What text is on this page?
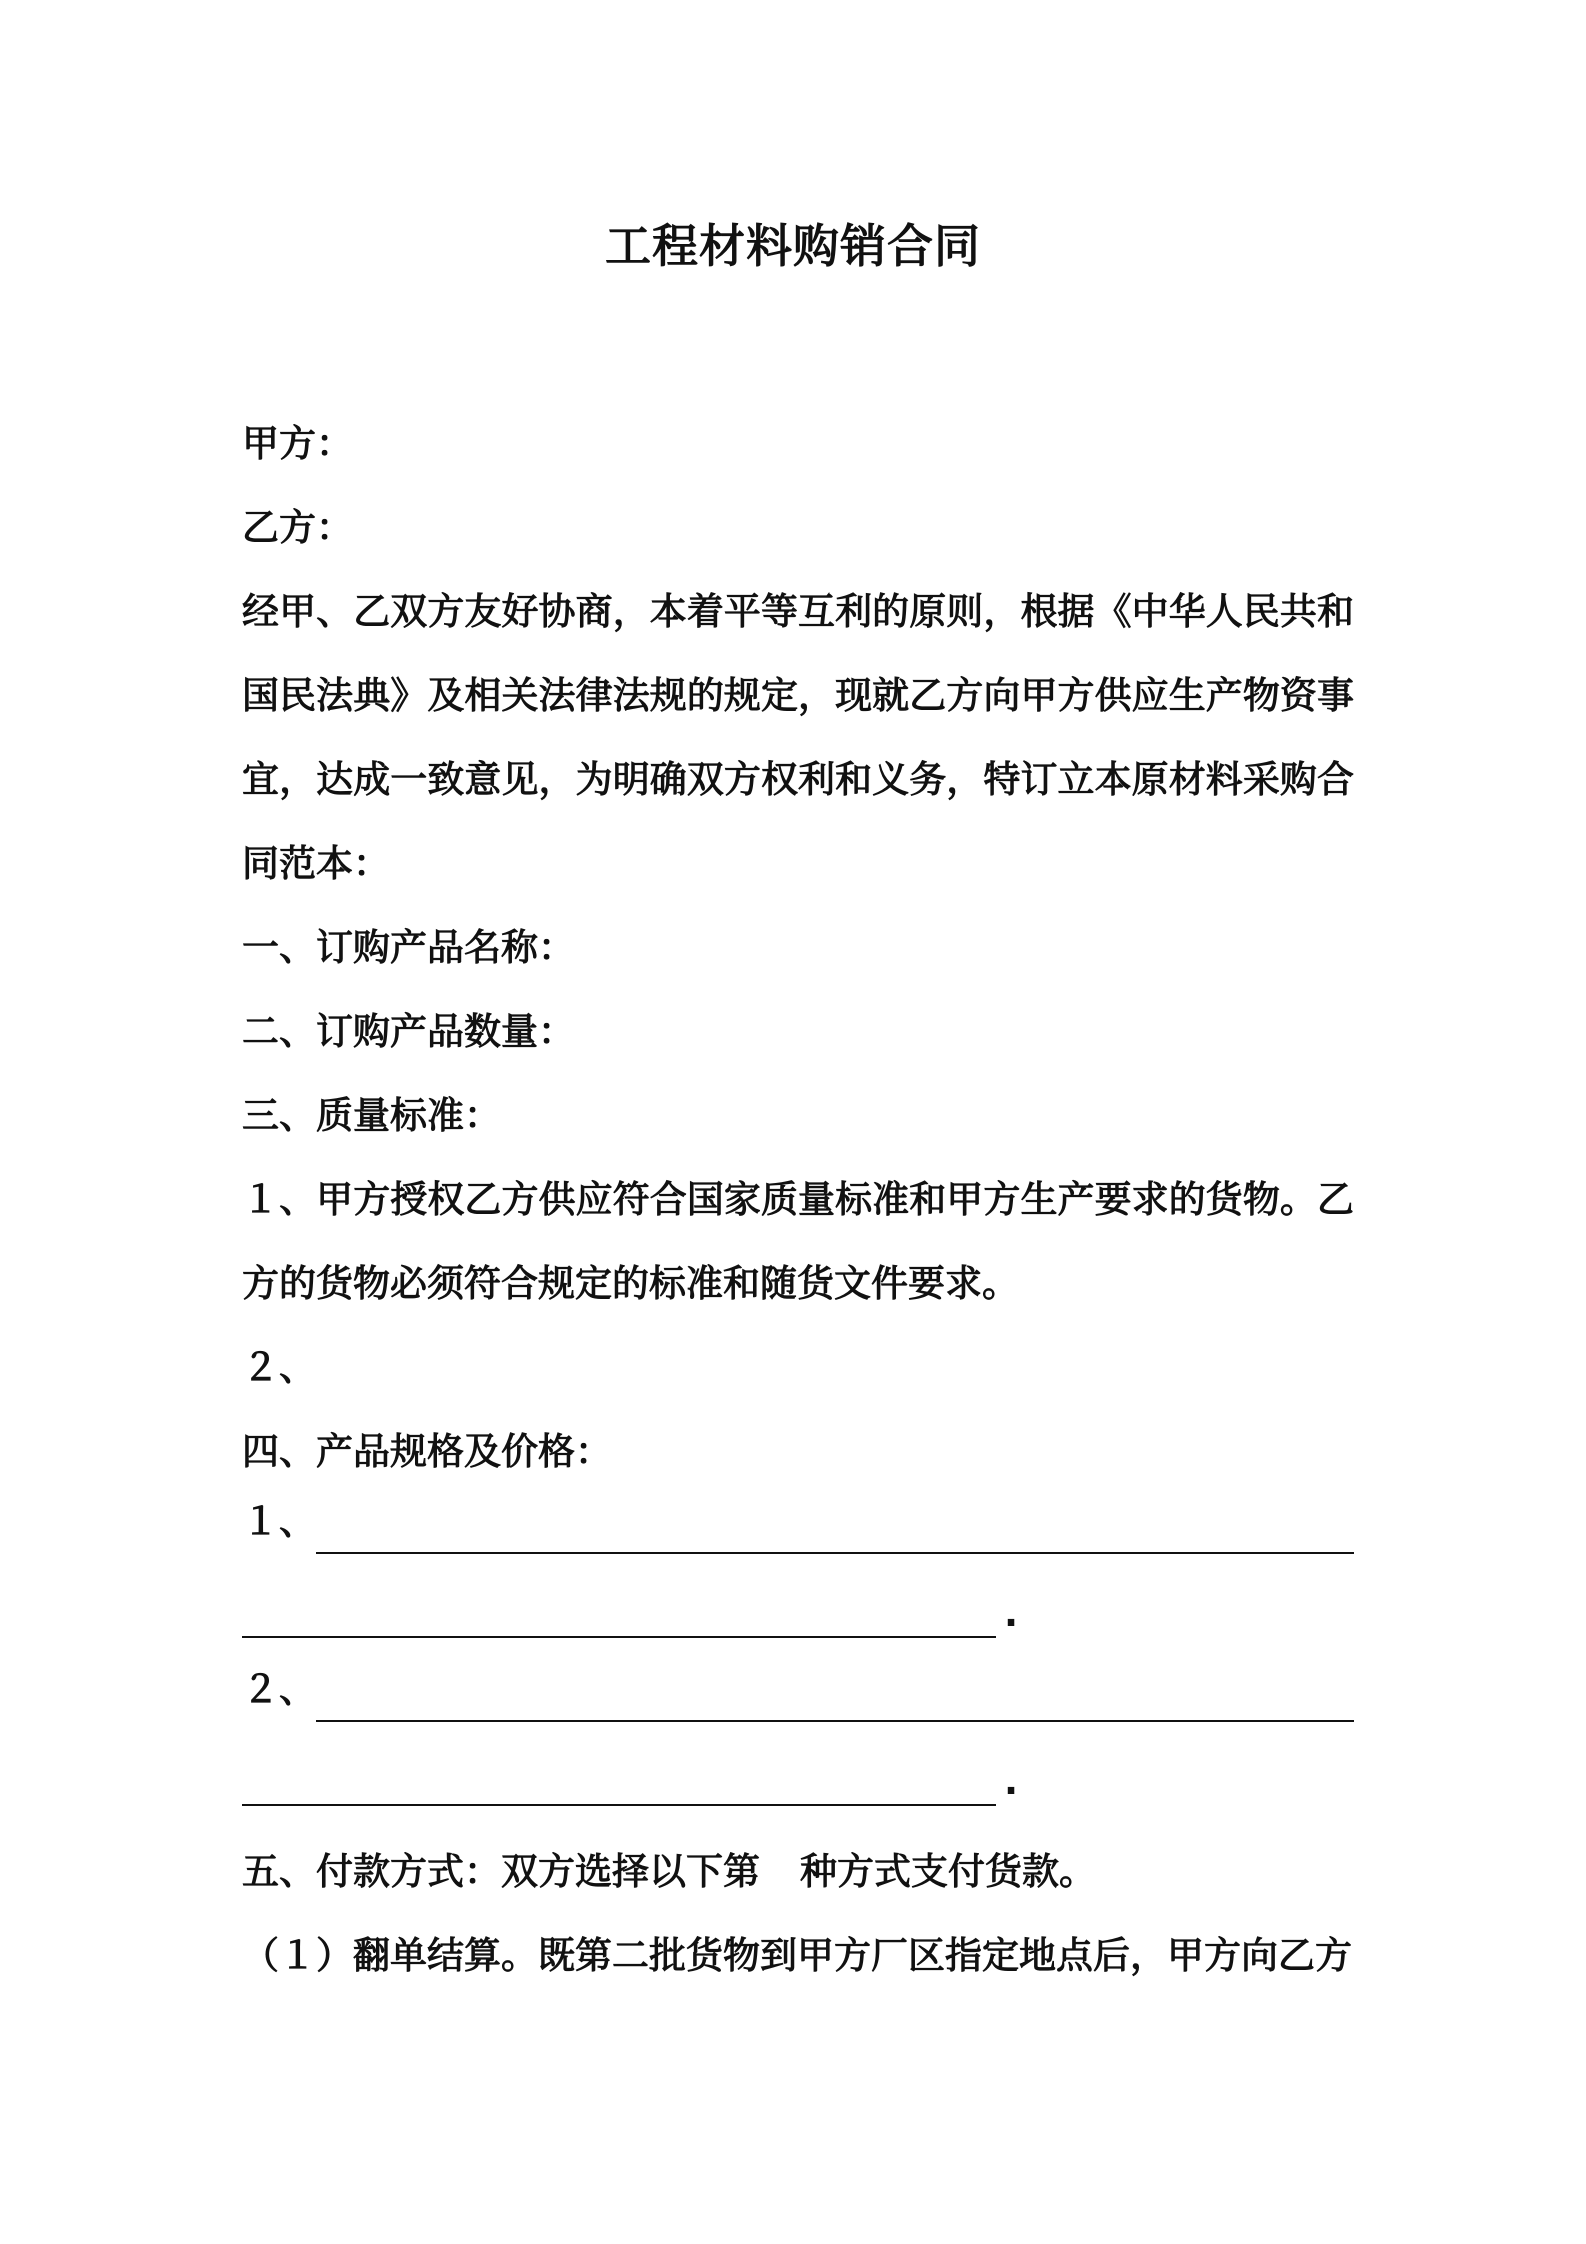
工程材料购销合同
甲方：
乙方：
经甲、乙双方友好协商，本着平等互利的原则，根据《中华人民共和国民法典》及相关法律法规的规定，现就乙方向甲方供应生产物资事宜，达成一致意见，为明确双方权利和义务，特订立本原材料采购合同范本：
一、订购产品名称：
二、订购产品数量：
三、质量标准：
１、甲方授权乙方供应符合国家质量标准和甲方生产要求的货物。乙方的货物必须符合规定的标准和随货文件要求。
２、
四、产品规格及价格：
１、
.
２、
.
五、付款方式：双方选择以下第 种方式支付货款。
（１）翻单结算。既第二批货物到甲方厂区指定地点后，甲方向乙方
